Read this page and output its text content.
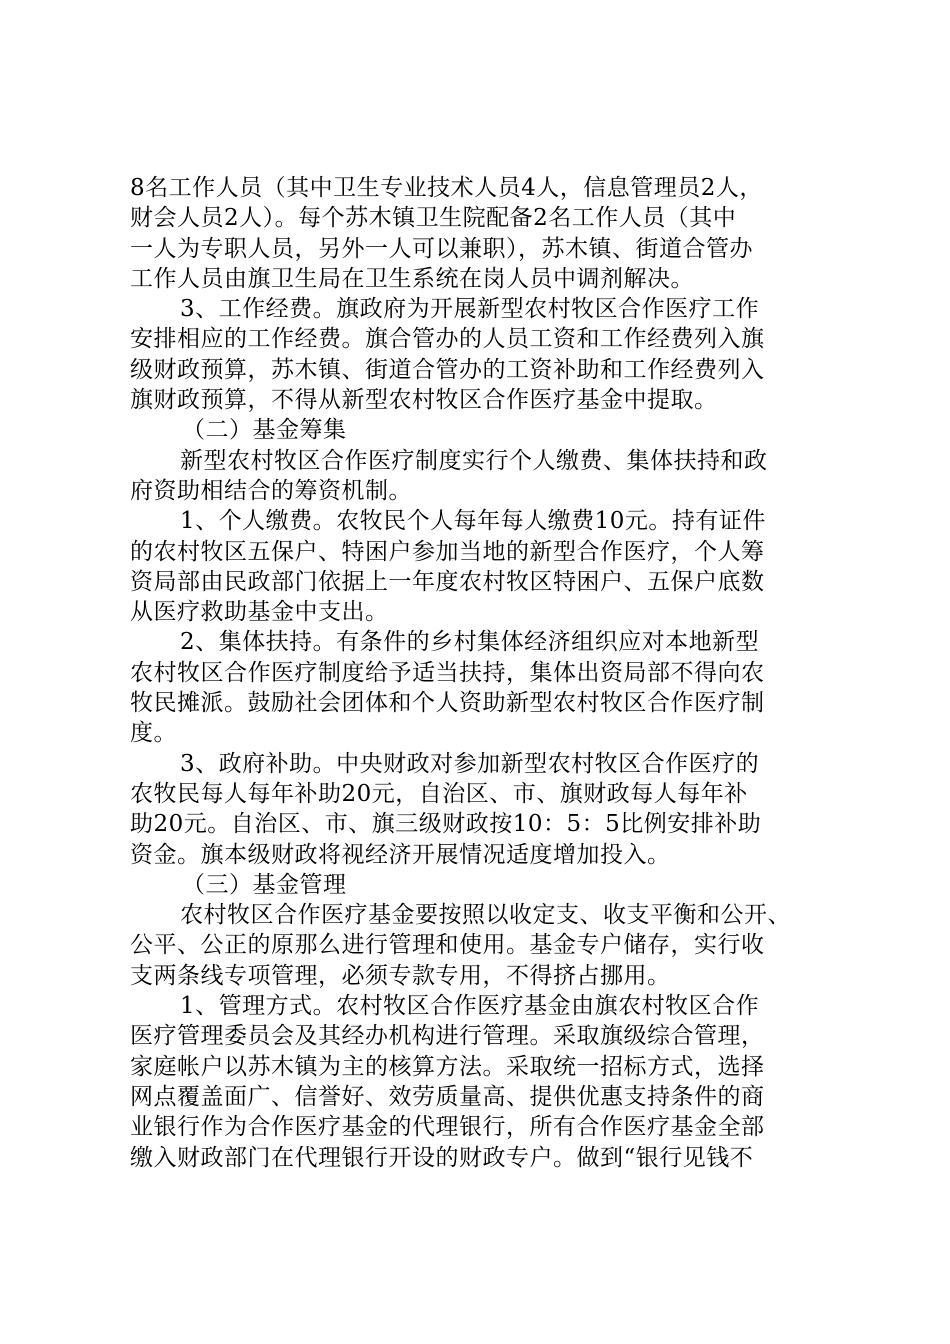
8名工作人员（其中卫生专业技术人员4人，信息管理员2人，
财会人员2人）。每个苏木镇卫生院配备2名工作人员（其中
一人为专职人员，另外一人可以兼职），苏木镇、街道合管办
工作人员由旗卫生局在卫生系统在岗人员中调剂解决。
3、工作经费。旗政府为开展新型农村牧区合作医疗工作
安排相应的工作经费。旗合管办的人员工资和工作经费列入旗
级财政预算，苏木镇、街道合管办的工资补助和工作经费列入
旗财政预算，不得从新型农村牧区合作医疗基金中提取。
（二）基金筹集
新型农村牧区合作医疗制度实行个人缴费、集体扶持和政
府资助相结合的筹资机制。
1、个人缴费。农牧民个人每年每人缴费10元。持有证件
的农村牧区五保户、特困户参加当地的新型合作医疗，个人筹
资局部由民政部门依据上一年度农村牧区特困户、五保户底数
从医疗救助基金中支出。
2、集体扶持。有条件的乡村集体经济组织应对本地新型
农村牧区合作医疗制度给予适当扶持，集体出资局部不得向农
牧民摊派。鼓励社会团体和个人资助新型农村牧区合作医疗制
度。
3、政府补助。中央财政对参加新型农村牧区合作医疗的
农牧民每人每年补助20元，自治区、市、旗财政每人每年补
助20元。自治区、市、旗三级财政按10：5：5比例安排补助
资金。旗本级财政将视经济开展情况适度增加投入。
（三）基金管理
农村牧区合作医疗基金要按照以收定支、收支平衡和公开、
公平、公正的原那么进行管理和使用。基金专户储存，实行收
支两条线专项管理，必须专款专用，不得挤占挪用。
1、管理方式。农村牧区合作医疗基金由旗农村牧区合作
医疗管理委员会及其经办机构进行管理。采取旗级综合管理，
家庭帐户以苏木镇为主的核算方法。采取统一招标方式，选择
网点覆盖面广、信誉好、效劳质量高、提供优惠支持条件的商
业银行作为合作医疗基金的代理银行，所有合作医疗基金全部
缴入财政部门在代理银行开设的财政专户。做到“银行见钱不
